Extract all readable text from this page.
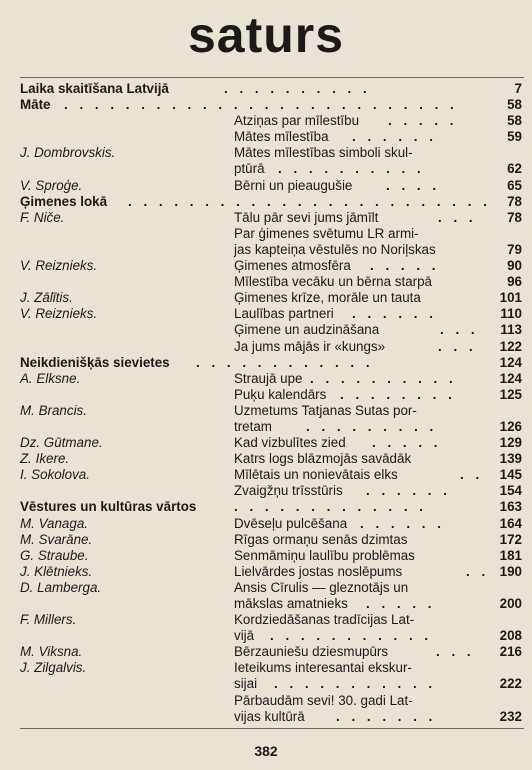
saturs
Laika skaitīšana Latvijā	. . . . . . . . . .	7
Māte . . . . . . . . . . . . . . . . . . . . . . . . . .	58
Atziņas par mīlestību . . . . .	58
Mātes mīlestība . . . . . .	59
J. Dombrovskis.	Mātes mīlestības simboli skul-
ptūrā . . . . . . . . . .	62
V. Sproģe.	Bērni un pieaugušie	. . . .	65
Ģimenes lokā . . . . . . . . . . . . . . . . . . . . . . . . 78
F. Niče.	Tālu pār sevi jums jāmīlt	. . . 78
Par ģimenes svētumu LR armi-
jas kapteiņa vēstulēs no Noriļskas	79
V. Reiznieks.	Ģimenes atmosfēra . . . . .	90
Mīlestība vecāku un bērna starpā	96
J. Zālītis.	Ģimenes krīze, morāle un tauta	101
V. Reiznieks.	Laulības partneri . . . . . .	110
Ģimene un audzināšana	. . . 113
Ja jums mājās ir «kungs»	. . . 122
Neikdienišķās sievietes . . . . . . . . . . . .	124
A. Elksne.	Straujā upe . . . . . . . . . .	124
Puķu kalendārs . . . . . . . .	125
M. Brancis.	Uzmetums Tatjanas Sutas por-
tretam	. . . . . . . . .	126
Dz. Gūtmane.	Kad vizbulītes zied . . . . .	129
Z. Ikere.	Katrs logs blāzmojās savādāk	139
I. Sokolova.	Mīlētais un nonievātais elks	. . 145
Zvaigžņu trīsstūris . . . . . .	154
Vēstures un kultūras vārtos	. . . . . . . . . . . . .	163
M. Vanaga.	Dvēseļu pulcēšana . . . . . .	164
M. Svarāne.	Rīgas ormaņu senās dzimtas	172
G. Straube.	Senmāmiņu laulību problēmas	181
J. Klētnieks.	Lielvārdes jostas noslēpums	. . 190
D. Lamberga.	Ansis Cīrulis — gleznotājs un
mākslas amatnieks . . . . .	200
F. Millers.	Kordziedāšanas tradīcijas Lat-
vijā . . . . . . . . . . .	208
M. Viksna.	Bērzauniešu dziesmupūrs	. . . 216
J. Zilgalvis.	Ieteikums interesantai ekskur-
sijai . . . . . . . . . . .	222
Pārbaudām sevi! 30. gadi Lat-
vijas kultūrā . . . . . . .	232
382
